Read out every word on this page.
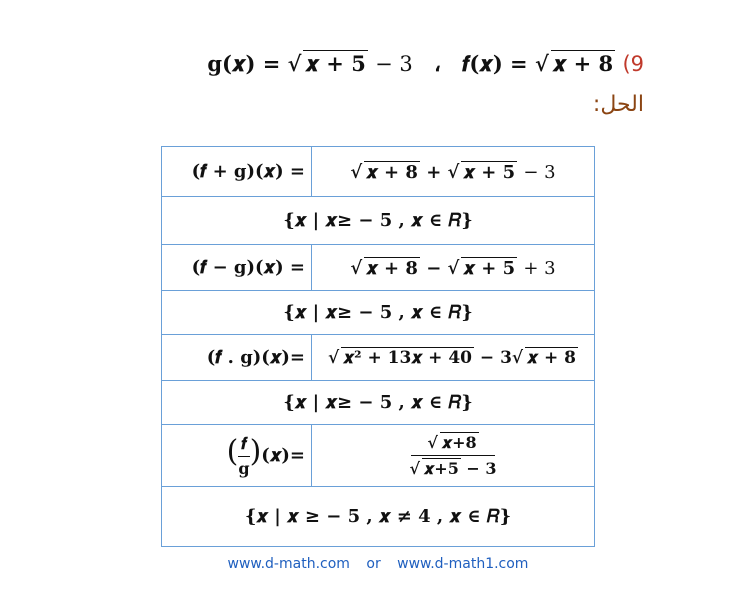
𝐠(𝒙) = √ 𝒙 + 𝟓 − 3 ، 𝒇(𝒙) = √ 𝒙 + 𝟖 (9
الحل:
(𝒇 + 𝐠)(𝒙) =	√ 𝒙 + 𝟖 + √ 𝒙 + 𝟓 − 3
{𝒙 | 𝒙≥ − 5 , 𝒙 ∈ 𝑅}	
(𝒇 − 𝐠)(𝒙) =	√ 𝒙 + 𝟖 − √ 𝒙 + 𝟓 + 3
{𝒙 | 𝒙≥ − 5 , 𝒙 ∈ 𝑅}	
(𝒇 . 𝐠)(𝒙)=	√ 𝒙² + 𝟏𝟑𝒙 + 𝟒𝟎 − 𝟑√ 𝒙 + 𝟖
{𝒙 | 𝒙≥ − 5 , 𝒙 ∈ 𝑅}	
( $\frac{\text{𝒇}}{\text{𝐠}}$ )(𝒙)=	$\frac{\text{√ 𝒙+𝟖}}{\text{√ 𝒙+𝟓 − 𝟑}}$

{𝒙 | 𝒙 ≥ − 5 , 𝒙 ≠ 4 , 𝒙 ∈ 𝑅}	
www.d-math.com or www.d-math1.com
